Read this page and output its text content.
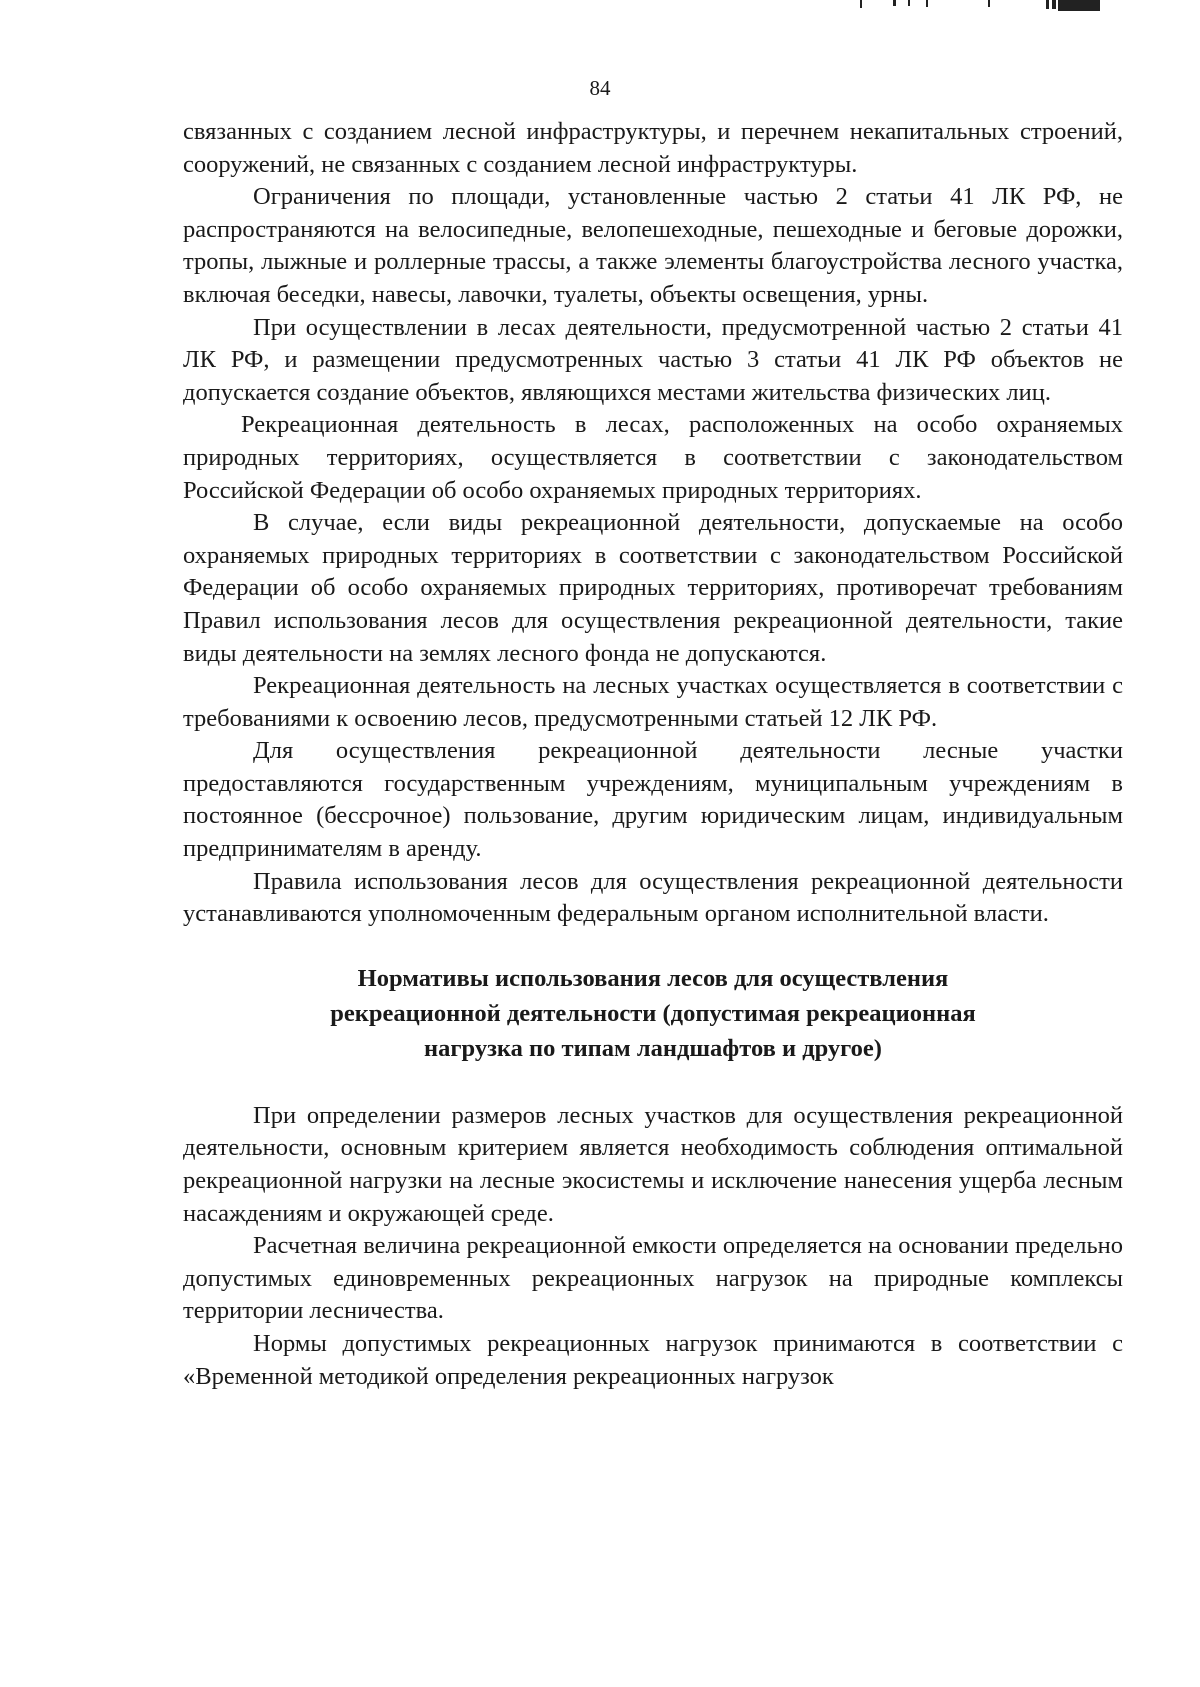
84

связанных с созданием лесной инфраструктуры, и перечнем некапитальных строений, сооружений, не связанных с созданием лесной инфраструктуры.

Ограничения по площади, установленные частью 2 статьи 41 ЛК РФ, не распространяются на велосипедные, велопешеходные, пешеходные и беговые дорожки, тропы, лыжные и роллерные трассы, а также элементы благоустройства лесного участка, включая беседки, навесы, лавочки, туалеты, объекты освещения, урны.

При осуществлении в лесах деятельности, предусмотренной частью 2 статьи 41 ЛК РФ, и размещении предусмотренных частью 3 статьи 41 ЛК РФ объектов не допускается создание объектов, являющихся местами жительства физических лиц.

Рекреационная деятельность в лесах, расположенных на особо охраняемых природных территориях, осуществляется в соответствии с законодательством Российской Федерации об особо охраняемых природных территориях.

В случае, если виды рекреационной деятельности, допускаемые на особо охраняемых природных территориях в соответствии с законодательством Российской Федерации об особо охраняемых природных территориях, противоречат требованиям Правил использования лесов для осуществления рекреационной деятельности, такие виды деятельности на землях лесного фонда не допускаются.

Рекреационная деятельность на лесных участках осуществляется в соответствии с требованиями к освоению лесов, предусмотренными статьей 12 ЛК РФ.

Для осуществления рекреационной деятельности лесные участки предоставляются государственным учреждениям, муниципальным учреждениям в постоянное (бессрочное) пользование, другим юридическим лицам, индивидуальным предпринимателям в аренду.

Правила использования лесов для осуществления рекреационной деятельности устанавливаются уполномоченным федеральным органом исполнительной власти.

Нормативы использования лесов для осуществления
рекреационной деятельности (допустимая рекреационная
нагрузка по типам ландшафтов и другое)

При определении размеров лесных участков для осуществления рекреационной деятельности, основным критерием является необходимость соблюдения оптимальной рекреационной нагрузки на лесные экосистемы и исключение нанесения ущерба лесным насаждениям и окружающей среде.

Расчетная величина рекреационной емкости определяется на основании предельно допустимых единовременных рекреационных нагрузок на природные комплексы территории лесничества.

Нормы допустимых рекреационных нагрузок принимаются в соответствии с «Временной методикой определения рекреационных нагрузок
